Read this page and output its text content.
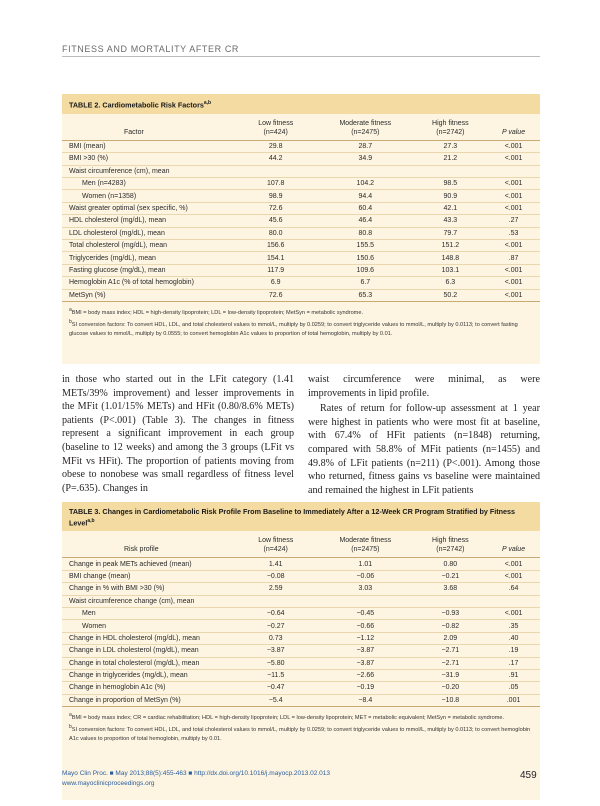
FITNESS AND MORTALITY AFTER CR
TABLE 2. Cardiometabolic Risk Factors$^{a,b}$
	Low fitness	Moderate fitness	High fitness	
Factor	(n=424)	(n=2475)	(n=2742)	P value
BMI (mean)	29.8	28.7	27.3	<.001
BMI >30 (%)	44.2	34.9	21.2	<.001
Waist circumference (cm), mean				
Men (n=4283)	107.8	104.2	98.5	<.001
Women (n=1358)	98.9	94.4	90.9	<.001
Waist greater optimal (sex specific, %)	72.6	60.4	42.1	<.001
HDL cholesterol (mg/dL), mean	45.6	46.4	43.3	.27
LDL cholesterol (mg/dL), mean	80.0	80.8	79.7	.53
Total cholesterol (mg/dL), mean	156.6	155.5	151.2	<.001
Triglycerides (mg/dL), mean	154.1	150.6	148.8	.87
Fasting glucose (mg/dL), mean	117.9	109.6	103.1	<.001
Hemoglobin A1c (% of total hemoglobin)	6.9	6.7	6.3	<.001
MetSyn (%)	72.6	65.3	50.2	<.001
$^a$BMI = body mass index; HDL = high-density lipoprotein; LDL = low-density lipoprotein; MetSyn = metabolic syndrome.
$^b$SI conversion factors: To convert HDL, LDL, and total cholesterol values to mmol/L, multiply by 0.0259; to convert triglyceride values to mmol/L, multiply by 0.0113; to convert fasting glucose values to mmol/L, multiply by 0.0555; to convert hemoglobin A1c values to proportion of total hemoglobin, multiply by 0.01.

in those who started out in the LFit category (1.41 METs/39% improvement) and lesser improvements in the MFit (1.01/15% METs) and HFit (0.80/8.6% METs) patients (P<.001) (Table 3). The changes in fitness represent a significant improvement in each group (baseline to 12 weeks) and among the 3 groups (LFit vs MFit vs HFit). The proportion of patients moving from obese to nonobese was small regardless of fitness level (P=.635). Changes in

waist circumference were minimal, as were improvements in lipid profile.

Rates of return for follow-up assessment at 1 year were highest in patients who were most fit at baseline, with 67.4% of HFit patients (n=1848) returning, compared with 58.8% of MFit patients (n=1455) and 49.8% of LFit patients (n=211) (P<.001). Among those who returned, fitness gains vs baseline were maintained and remained the highest in LFit patients

TABLE 3. Changes in Cardiometabolic Risk Profile From Baseline to Immediately After a 12-Week CR Program Stratified by Fitness Level$^{a,b}$
	Low fitness	Moderate fitness	High fitness	
Risk profile	(n=424)	(n=2475)	(n=2742)	P value
Change in peak METs achieved (mean)	1.41	1.01	0.80	<.001
BMI change (mean)	−0.08	−0.06	−0.21	<.001
Change in % with BMI >30 (%)	2.59	3.03	3.68	.64
Waist circumference change (cm), mean				
Men	−0.64	−0.45	−0.93	<.001
Women	−0.27	−0.66	−0.82	.35
Change in HDL cholesterol (mg/dL), mean	0.73	−1.12	2.09	.40
Change in LDL cholesterol (mg/dL), mean	−3.87	−3.87	−2.71	.19
Change in total cholesterol (mg/dL), mean	−5.80	−3.87	−2.71	.17
Change in triglycerides (mg/dL), mean	−11.5	−2.66	−31.9	.91
Change in hemoglobin A1c (%)	−0.47	−0.19	−0.20	.05
Change in proportion of MetSyn (%)	−5.4	−8.4	−10.8	.001
$^a$BMI = body mass index; CR = cardiac rehabilitation; HDL = high-density lipoprotein; LDL = low-density lipoprotein; MET = metabolic equivalent; MetSyn = metabolic syndrome.
$^b$SI conversion factors: To convert HDL, LDL, and total cholesterol values to mmol/L, multiply by 0.0259; to convert triglyceride values to mmol/L, multiply by 0.0113; to convert hemoglobin A1c values to proportion of total hemoglobin, multiply by 0.01.
Mayo Clin Proc. ■ May 2013;88(5):455-463 ■ http://dx.doi.org/10.1016/j.mayocp.2013.02.013
www.mayoclinicproceedings.org
459
